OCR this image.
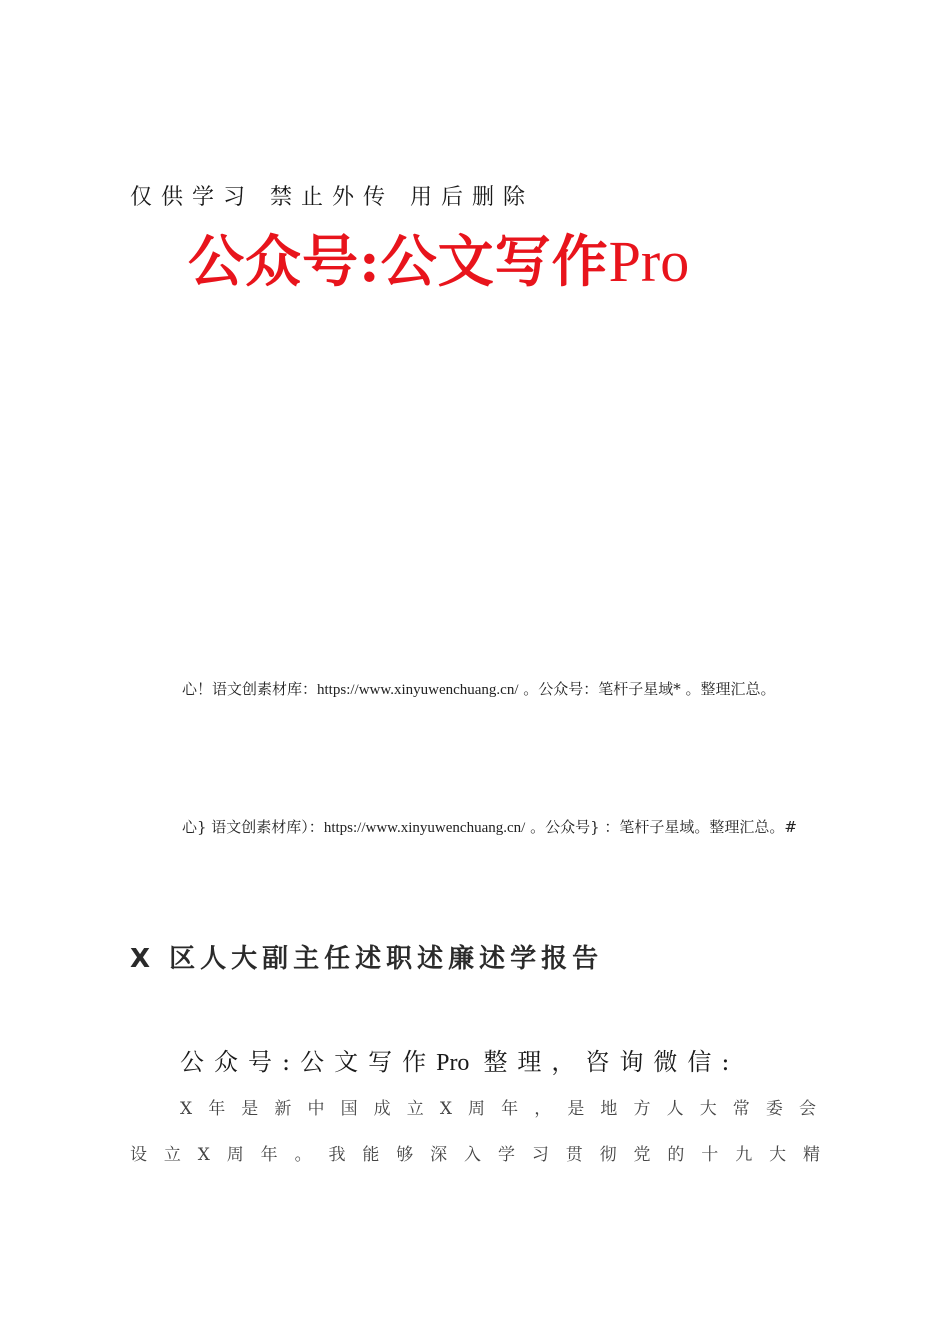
仅供学习 禁止外传 用后删除
公众号:公文写作Pro
心！语文创素材库：https://www.xinyuwenchuang.cn/ 。公众号：笔杆子星域* 。整理汇总。
心} 语文创素材库）：https://www.xinyuwenchuang.cn/ 。公众号} ：笔杆子星域。整理汇总。#
X 区人大副主任述职述廉述学报告
公众号:公文写作Pro 整理，咨询微信:
X年是新中国成立X周年，是地方人大常委会
设立X周年。我能够深入学习贯彻党的十九大精
